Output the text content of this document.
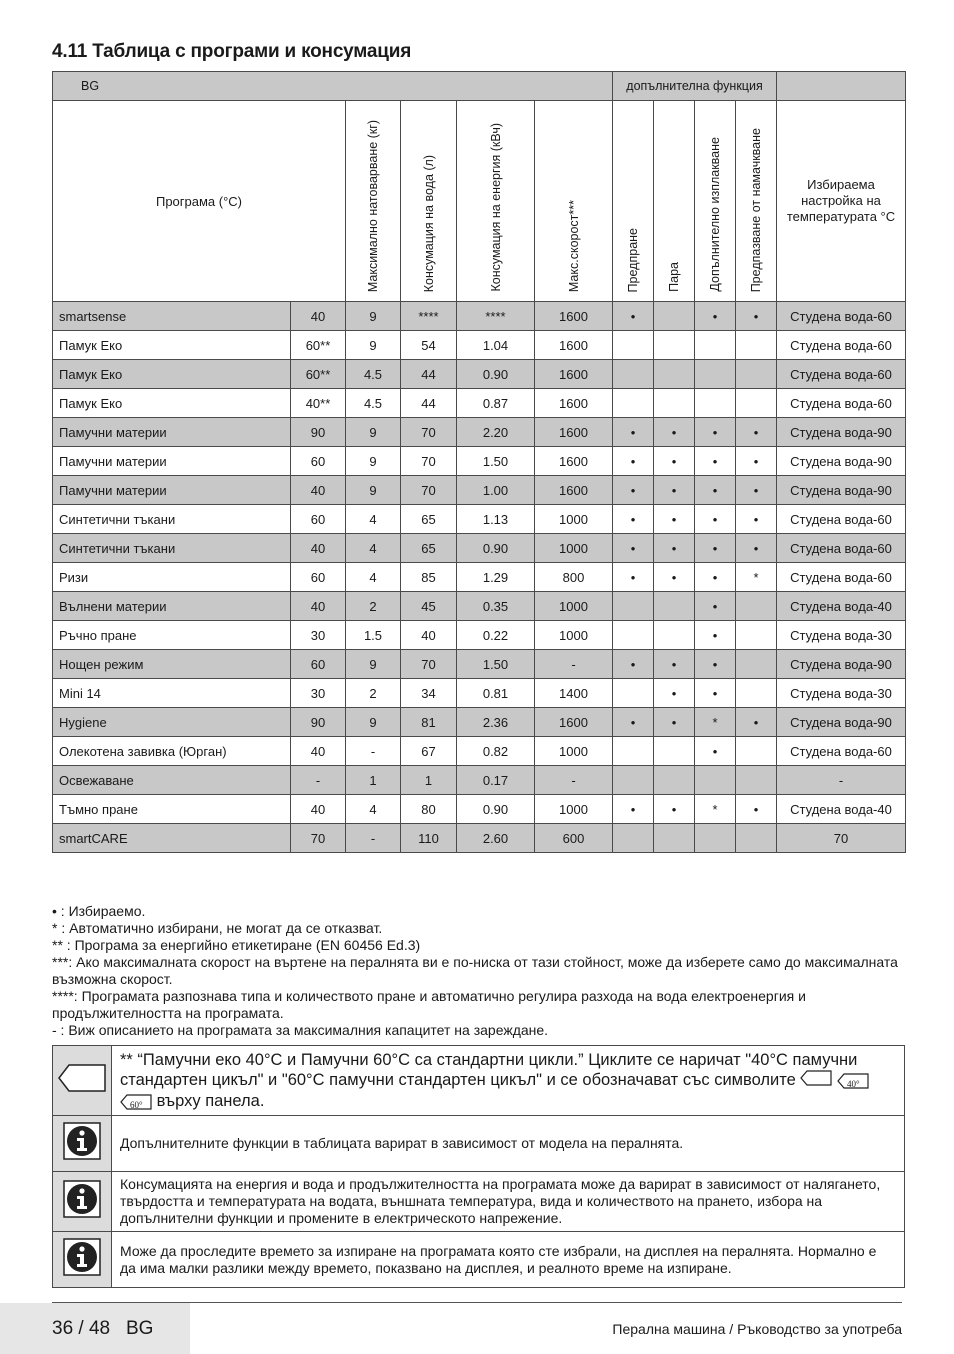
4.11 Таблица с програми и консумация
BG						допълнителна функция				
Програма (°C)		Максимално натоварване (кг)	Консумация на вода (л)	Консумация на енергия (кВч)	Макс.скорост***	Предпране	Пара	Допълнително изплакване	Предпазване от намачкване	Избираема настройка на температурата °C
smartsense	40	9	****	****	1600	•		•	•	Студена вода-60
Памук Еко	60**	9	54	1.04	1600					Студена вода-60
Памук Еко	60**	4.5	44	0.90	1600					Студена вода-60
Памук Еко	40**	4.5	44	0.87	1600					Студена вода-60
Памучни материи	90	9	70	2.20	1600	•	•	•	•	Студена вода-90
Памучни материи	60	9	70	1.50	1600	•	•	•	•	Студена вода-90
Памучни материи	40	9	70	1.00	1600	•	•	•	•	Студена вода-90
Синтетични тъкани	60	4	65	1.13	1000	•	•	•	•	Студена вода-60
Синтетични тъкани	40	4	65	0.90	1000	•	•	•	•	Студена вода-60
Ризи	60	4	85	1.29	800	•	•	•	*	Студена вода-60
Вълнени материи	40	2	45	0.35	1000			•		Студена вода-40
Ръчно пране	30	1.5	40	0.22	1000			•		Студена вода-30
Нощен режим	60	9	70	1.50	-	•	•	•		Студена вода-90
Mini 14	30	2	34	0.81	1400		•	•		Студена вода-30
Hygiene	90	9	81	2.36	1600	•	•	*	•	Студена вода-90
Олекотена завивка (Юрган)	40	-	67	0.82	1000			•		Студена вода-60
Освежаване	-	1	1	0.17	-					-
Тъмно пране	40	4	80	0.90	1000	•	•	*	•	Студена вода-40
smartCARE	70	-	110	2.60	600					70
• : Избираемо.
* : Автоматично избирани, не могат да се отказват.
** : Програма за енергийно етикетиране (EN 60456 Ed.3)
***: Ако максималната скорост на въртене на пералнята ви е по-ниска от тази стойност, може да изберете само до максималната възможна скорост.
****: Програмата разпознава типа и количеството пране и автоматично регулира разхода на вода електроенергия и продължителността на програмата.
- : Виж описанието на програмата за максималния капацитет на зареждане.
	** “Памучни еко 40°C и Памучни 60°C са стандартни цикли.” Циклите се наричат "40°C памучни стандартен цикъл" и "60°C памучни стандартен цикъл" и се обозначават със символите 40°

60° върху панела.
	Допълнителните функции в таблицата варират в зависимост от модела на пералнята.
	Консумацията на енергия и вода и продължителността на програмата може да варират в зависимост от налягането, твърдостта и температурата на водата, външната температура, вида и количеството на прането, избора на допълнителни функции и промените в електрическото напрежение.
	Може да проследите времето за изпиране на програмата която сте избрали, на дисплея на пералнята. Нормално е да има малки разлики между времето, показвано на дисплея, и реалното време на изпиране.
36 / 48 BG	Перална машина / Ръководство за употреба
